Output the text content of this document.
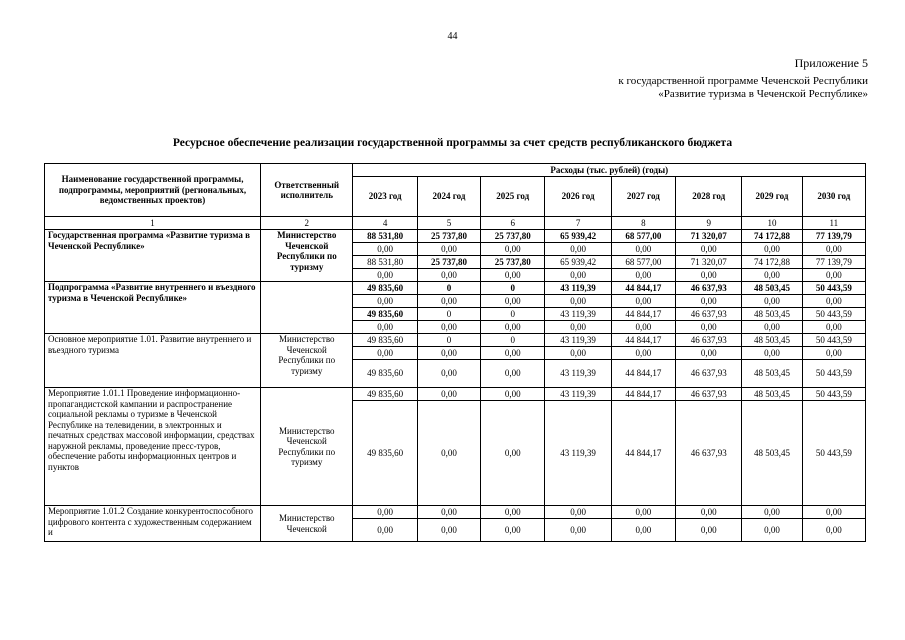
44
Приложение 5
к государственной программе Чеченской Республики
«Развитие туризма в Чеченской Республике»
Ресурсное обеспечение реализации государственной программы за счет средств республиканского бюджета
Наименование государственной программы, подпрограммы, мероприятий (региональных, ведомственных проектов)	Ответственный исполнитель	Расходы (тыс. рублей) (годы)							
		2023 год	2024 год	2025 год	2026 год	2027 год	2028 год	2029 год	2030 год
1	2	4	5	6	7	8	9	10	11
Государственная программа «Развитие туризма в Чеченской Республике»	Министерство Чеченской Республики по туризму	88 531,80	25 737,80	25 737,80	65 939,42	68 577,00	71 320,07	74 172,88	77 139,79
		0,00	0,00	0,00	0,00	0,00	0,00	0,00	0,00
		88 531,80	25 737,80	25 737,80	65 939,42	68 577,00	71 320,07	74 172,88	77 139,79
		0,00	0,00	0,00	0,00	0,00	0,00	0,00	0,00
Подпрограмма «Развитие внутреннего и въездного туризма в Чеченской Республике»		49 835,60	0	0	43 119,39	44 844,17	46 637,93	48 503,45	50 443,59
		0,00	0,00	0,00	0,00	0,00	0,00	0,00	0,00
		49 835,60	0	0	43 119,39	44 844,17	46 637,93	48 503,45	50 443,59
		0,00	0,00	0,00	0,00	0,00	0,00	0,00	0,00
Основное мероприятие 1.01. Развитие внутреннего и въездного туризма	Министерство Чеченской Республики по туризму	49 835,60	0	0	43 119,39	44 844,17	46 637,93	48 503,45	50 443,59
		0,00	0,00	0,00	0,00	0,00	0,00	0,00	0,00
		49 835,60	0,00	0,00	43 119,39	44 844,17	46 637,93	48 503,45	50 443,59
Мероприятие 1.01.1 Проведение информационно-пропагандистской кампании и распространение социальной рекламы о туризме в Чеченской Республике на телевидении, в электронных и печатных средствах массовой информации, средствах наружной рекламы, проведение пресс-туров, обеспечение работы информационных центров и пунктов	Министерство Чеченской Республики по туризму	49 835,60	0,00	0,00	43 119,39	44 844,17	46 637,93	48 503,45	50 443,59
		49 835,60	0,00	0,00	43 119,39	44 844,17	46 637,93	48 503,45	50 443,59
Мероприятие 1.01.2 Создание конкурентоспособного цифрового контента с художественным содержанием и	Министерство Чеченской	0,00	0,00	0,00	0,00	0,00	0,00	0,00	0,00
		0,00	0,00	0,00	0,00	0,00	0,00	0,00	0,00
